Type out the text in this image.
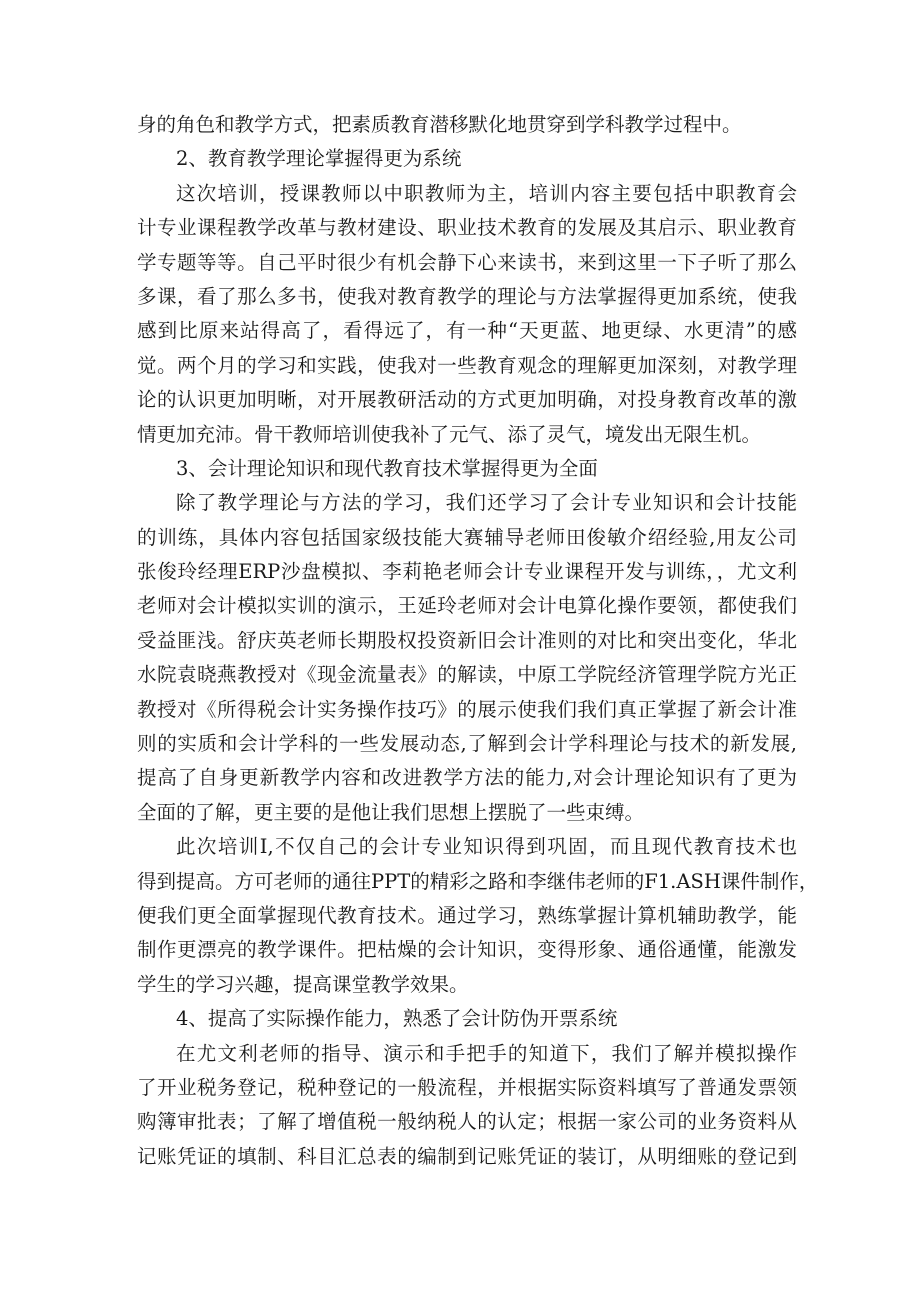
身的角色和教学方式，把素质教育潜移默化地贯穿到学科教学过程中。
2、教育教学理论掌握得更为系统
这次培训，授课教师以中职教师为主，培训内容主要包括中职教育会
计专业课程教学改革与教材建设、职业技术教育的发展及其启示、职业教育
学专题等等。自己平时很少有机会静下心来读书，来到这里一下子听了那么
多课，看了那么多书，使我对教育教学的理论与方法掌握得更加系统，使我
感到比原来站得高了，看得远了，有一种“天更蓝、地更绿、水更清”的感
觉。两个月的学习和实践，使我对一些教育观念的理解更加深刻，对教学理
论的认识更加明晰，对开展教研活动的方式更加明确，对投身教育改革的激
情更加充沛。骨干教师培训使我补了元气、添了灵气，境发出无限生机。
3、会计理论知识和现代教育技术掌握得更为全面
除了教学理论与方法的学习，我们还学习了会计专业知识和会计技能
的训练，具体内容包括国家级技能大赛辅导老师田俊敏介绍经验,用友公司
张俊玲经理ERP沙盘模拟、李莉艳老师会计专业课程开发与训练，，尤文利
老师对会计模拟实训的演示，王延玲老师对会计电算化操作要领，都使我们
受益匪浅。舒庆英老师长期股权投资新旧会计准则的对比和突出变化，华北
水院袁晓燕教授对《现金流量表》的解读，中原工学院经济管理学院方光正
教授对《所得税会计实务操作技巧》的展示使我们我们真正掌握了新会计准
则的实质和会计学科的一些发展动态,了解到会计学科理论与技术的新发展,
提高了自身更新教学内容和改进教学方法的能力,对会计理论知识有了更为
全面的了解，更主要的是他让我们思想上摆脱了一些束缚。
此次培训I,不仅自己的会计专业知识得到巩固，而且现代教育技术也
得到提高。方可老师的通往PPT的精彩之路和李继伟老师的F1.ASH课件制作，
便我们更全面掌握现代教育技术。通过学习，熟练掌握计算机辅助教学，能
制作更漂亮的教学课件。把枯燥的会计知识，变得形象、通俗通懂，能激发
学生的学习兴趣，提高课堂教学效果。
4、提高了实际操作能力，熟悉了会计防伪开票系统
在尤文利老师的指导、演示和手把手的知道下，我们了解并模拟操作
了开业税务登记，税种登记的一般流程，并根据实际资料填写了普通发票领
购簿审批表；了解了增值税一般纳税人的认定；根据一家公司的业务资料从
记账凭证的填制、科目汇总表的编制到记账凭证的装订，从明细账的登记到
